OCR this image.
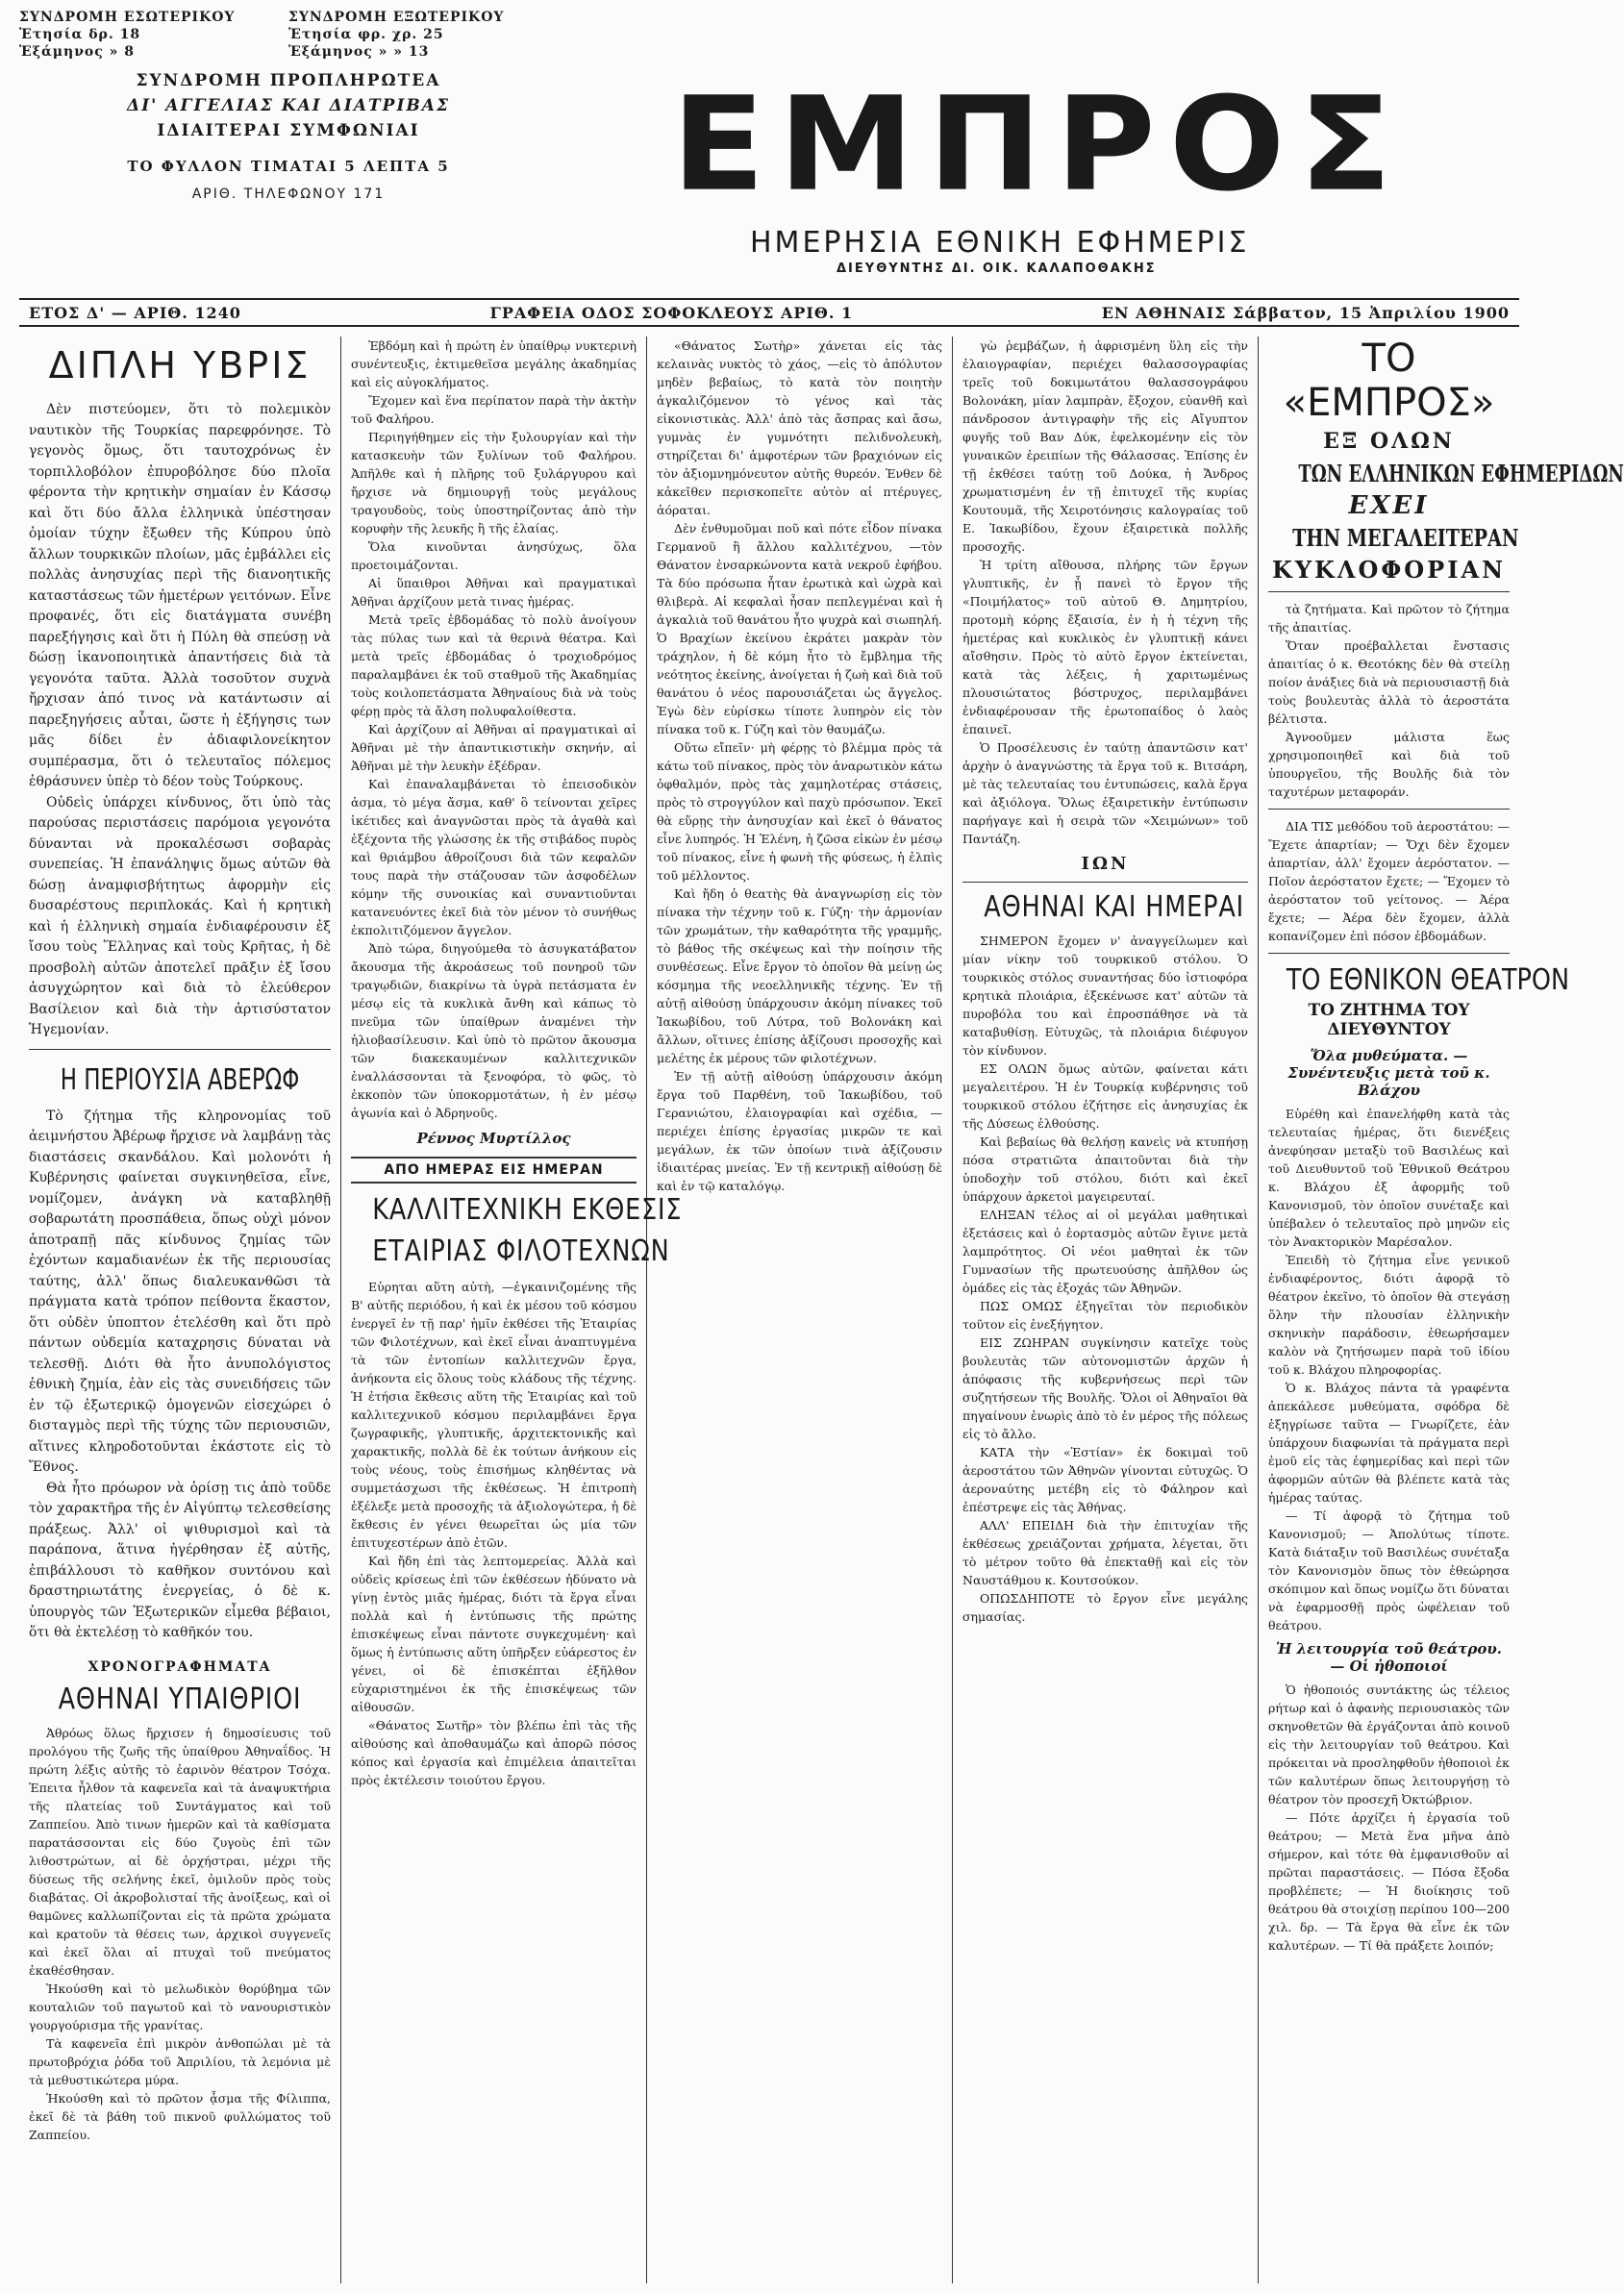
ΣΥΝΔΡΟΜΗ ΕΣΩΤΕΡΙΚΟΥ	ΣΥΝΔΡΟΜΗ ΕΞΩΤΕΡΙΚΟΥ
Ἐτησία δρ. 18	Ἐτησία φρ. χρ. 25
Ἑξάμηνος » 8	Ἑξάμηνος » » 13
ΣΥΝΔΡΟΜΗ ΠΡΟΠΛΗΡΩΤΕΑ
ΔΙ' ΑΓΓΕΛΙΑΣ ΚΑΙ ΔΙΑΤΡΙΒΑΣ
ΙΔΙΑΙΤΕΡΑΙ ΣΥΜΦΩΝΙΑΙ
ΤΟ ΦΥΛΛΟΝ ΤΙΜΑΤΑΙ 5 ΛΕΠΤΑ 5
ΑΡΙΘ. ΤΗΛΕΦΩΝΟΥ 171	ΕΜΠΡΟΣ
ΗΜΕΡΗΣΙΑ ΕΘΝΙΚΗ ΕΦΗΜΕΡΙΣ
ΔΙΕΥΘΥΝΤΗΣ ΔΙ. ΟΙΚ. ΚΑΛΑΠΟΘΑΚΗΣ
ΕΤΟΣ Δ' — ΑΡΙΘ. 1240	ΓΡΑΦΕΙΑ ΟΔΟΣ ΣΟΦΟΚΛΕΟΥΣ ΑΡΙΘ. 1	ΕΝ ΑΘΗΝΑΙΣ Σάββατον, 15 Ἀπριλίου 1900
ΔΙΠΛΗ ΥΒΡΙΣ

Δὲν πιστεύομεν, ὅτι τὸ πολεμικὸν ναυτικὸν τῆς Τουρκίας παρεφρόνησε. Τὸ γεγονὸς ὅμως, ὅτι ταυτοχρόνως ἐν τορπιλλοβόλον ἐπυροβόλησε δύο πλοῖα φέροντα τὴν κρητικὴν σημαίαν ἐν Κάσσῳ καὶ ὅτι δύο ἄλλα ἑλληνικὰ ὑπέστησαν ὁμοίαν τύχην ἔξωθεν τῆς Κύπρου ὑπὸ ἄλλων τουρκικῶν πλοίων, μᾶς ἐμβάλλει εἰς πολλὰς ἀνησυχίας περὶ τῆς διανοητικῆς καταστάσεως τῶν ἡμετέρων γειτόνων. Εἶνε προφανές, ὅτι εἰς διατάγματα συνέβη παρεξήγησις καὶ ὅτι ἡ Πύλη θὰ σπεύσῃ νὰ δώσῃ ἱκανοποιητικὰ ἀπαντήσεις διὰ τὰ γεγονότα ταῦτα. Ἀλλὰ τοσοῦτον συχνὰ ἤρχισαν ἀπό τινος νὰ κατάντωσιν αἱ παρεξηγήσεις αὗται, ὥστε ἡ ἐξήγησις των μᾶς δίδει ἐν ἀδιαφιλονείκητον συμπέρασμα, ὅτι ὁ τελευταῖος πόλεμος ἐθράσυνεν ὑπὲρ τὸ δέον τοὺς Τούρκους.

Οὐδεὶς ὑπάρχει κίνδυνος, ὅτι ὑπὸ τὰς παρούσας περιστάσεις παρόμοια γεγονότα δύνανται νὰ προκαλέσωσι σοβαρὰς συνεπείας. Ἡ ἐπανάληψις ὅμως αὐτῶν θὰ δώσῃ ἀναμφισβήτητως ἀφορμὴν εἰς δυσαρέστους περιπλοκάς. Καὶ ἡ κρητικὴ καὶ ἡ ἑλληνικὴ σημαία ἐνδιαφέρουσιν ἐξ ἴσου τοὺς Ἕλληνας καὶ τοὺς Κρῆτας, ἡ δὲ προσβολὴ αὐτῶν ἀποτελεῖ πρᾶξιν ἐξ ἴσου ἀσυγχώρητον καὶ διὰ τὸ ἐλεύθερον Βασίλειον καὶ διὰ τὴν ἀρτισύστατον Ἡγεμονίαν.

Η ΠΕΡΙΟΥΣΙΑ ΑΒΕΡΩΦ

Τὸ ζήτημα τῆς κληρονομίας τοῦ ἀειμνήστου Ἀβέρωφ ἤρχισε νὰ λαμβάνῃ τὰς διαστάσεις σκανδάλου. Καὶ μολονότι ἡ Κυβέρνησις φαίνεται συγκινηθεῖσα, εἶνε, νομίζομεν, ἀνάγκη νὰ καταβληθῇ σοβαρωτάτη προσπάθεια, ὅπως οὐχὶ μόνον ἀποτραπῇ πᾶς κίνδυνος ζημίας τῶν ἐχόντων καμαδιανέων ἐκ τῆς περιουσίας ταύτης, ἀλλ' ὅπως διαλευκανθῶσι τὰ πράγματα κατὰ τρόπον πείθοντα ἕκαστον, ὅτι οὐδὲν ὑποπτον ἐτελέσθη καὶ ὅτι πρὸ πάντων οὐδεμία καταχρησις δύναται νὰ τελεσθῇ. Διότι θὰ ἦτο ἀνυπολόγιστος ἐθνικὴ ζημία, ἐὰν εἰς τὰς συνειδήσεις τῶν ἐν τῷ ἐξωτερικῷ ὁμογενῶν εἰσεχώρει ὁ δισταγμὸς περὶ τῆς τύχης τῶν περιουσιῶν, αἵτινες κληροδοτοῦνται ἑκάστοτε εἰς τὸ Ἔθνος.

Θὰ ἦτο πρόωρον νὰ ὁρίσῃ τις ἀπὸ τοῦδε τὸν χαρακτῆρα τῆς ἐν Αἰγύπτῳ τελεσθείσης πράξεως. Ἀλλ' οἱ ψιθυρισμοὶ καὶ τὰ παράπονα, ἅτινα ἠγέρθησαν ἐξ αὐτῆς, ἐπιβάλλουσι τὸ καθῆκον συντόνου καὶ δραστηριωτάτης ἐνεργείας, ὁ δὲ κ. ὑπουργὸς τῶν Ἐξωτερικῶν εἶμεθα βέβαιοι, ὅτι θὰ ἐκτελέσῃ τὸ καθῆκόν του.

ΧΡΟΝΟΓΡΑΦΗΜΑΤΑ
ΑΘΗΝΑΙ ΥΠΑΙΘΡΙΟΙ

Ἀθρόως ὅλως ἤρχισεν ἡ δημοσίευσις τοῦ προλόγου τῆς ζωῆς τῆς ὑπαίθρου Ἀθηναΐδος. Ἡ πρώτη λέξις αὐτῆς τὸ ἐαρινὸν θέατρον Τσόχα. Ἐπειτα ἦλθον τὰ καφενεῖα καὶ τὰ ἀναψυκτήρια τῆς πλατείας τοῦ Συντάγματος καὶ τοῦ Ζαππείου. Ἀπὸ τινων ἡμερῶν καὶ τὰ καθίσματα παρατάσσονται εἰς δύο ζυγοὺς ἐπὶ τῶν λιθοστρώτων, αἱ δὲ ὀρχήστραι, μέχρι τῆς δύσεως τῆς σελήνης ἐκεῖ, ὁμιλοῦν πρὸς τοὺς διαβάτας. Οἱ ἀκροβολισταί τῆς ἀνοίξεως, καὶ οἱ θαμῶνες καλλωπίζονται εἰς τὰ πρῶτα χρώματα καὶ κρατοῦν τὰ θέσεις των, ἀρχικοὶ συγγενεῖς καὶ ἐκεῖ ὅλαι αἱ πτυχαὶ τοῦ πνεύματος ἐκαθέσθησαν.

Ἠκούσθη καὶ τὸ μελωδικὸν θορύβημα τῶν κουταλιῶν τοῦ παγωτοῦ καὶ τὸ νανουριστικὸν γουργούρισμα τῆς γρανίτας.

Τὰ καφενεῖα ἐπὶ μικρὸν ἀνθοπώλαι μὲ τὰ πρωτοβρόχια ῥόδα τοῦ Ἀπριλίου, τὰ λεμόνια μὲ τὰ μεθυστικώτερα μύρα.

Ἠκούσθη καὶ τὸ πρῶτον ᾆσμα τῆς Φίλιππα, ἐκεῖ δὲ τὰ βάθη τοῦ πικνοῦ φυλλώματος τοῦ Ζαππείου.

Ἐβδόμη καὶ ἡ πρώτη ἐν ὑπαίθρῳ νυκτερινὴ συνέντευξις, ἐκτιμεθεῖσα μεγάλης ἀκαδημίας καὶ εἰς αὐγοκλήματος.

Ἔχομεν καὶ ἕνα περίπατον παρὰ τὴν ἀκτὴν τοῦ Φαλήρου.

Περιηγήθημεν εἰς τὴν ξυλουργίαν καὶ τὴν κατασκευὴν τῶν ξυλίνων τοῦ Φαλήρου. Ἀπῆλθε καὶ ἡ πλῆρης τοῦ ξυλάργυρου καὶ ἤρχισε νὰ δημιουργῇ τοὺς μεγάλους τραγουδοὺς, τοὺς ὑποστηρίζοντας ἀπὸ τὴν κορυφὴν τῆς λευκῆς ἢ τῆς ἐλαίας.

Ὅλα κινοῦνται ἀνησύχως, ὅλα προετοιμάζονται.

Αἱ ὕπαιθροι Ἀθῆναι καὶ πραγματικαὶ Ἀθῆναι ἀρχίζουν μετὰ τινας ἡμέρας.

Μετὰ τρεῖς ἑβδομάδας τὸ πολὺ ἀνοίγουν τὰς πύλας των καὶ τὰ θερινὰ θέατρα. Καὶ μετὰ τρεῖς ἑβδομάδας ὁ τροχιοδρόμος παραλαμβάνει ἐκ τοῦ σταθμοῦ τῆς Ἀκαδημίας τοὺς κοιλοπετάσματα Ἀθηναίους διὰ νὰ τοὺς φέρῃ πρὸς τὰ ἄλση πολυφαλοίθεστα.

Καὶ ἀρχίζουν αἱ Ἀθῆναι αἱ πραγματικαὶ αἱ Ἀθῆναι μὲ τὴν ἀπαντικιστικὴν σκηνήν, αἱ Ἀθῆναι μὲ τὴν λευκὴν ἐξέδραν.

Καὶ ἐπαναλαμβάνεται τὸ ἐπεισοδικὸν ἀσμα, τὸ μέγα ἄσμα, καθ' ὃ τείνονται χεῖρες ἱκέτιδες καὶ ἀναγνῶσται πρὸς τὰ ἀγαθὰ καὶ ἐξέχοντα τῆς γλώσσης ἐκ τῆς στιβάδος πυρὸς καὶ θριάμβου ἀθροίζουσι διὰ τῶν κεφαλῶν τους παρὰ τὴν στάζουσαν τῶν ἀσφοδέλων κόμην τῆς συνοικίας καὶ συναντιοῦνται κατανευόντες ἐκεῖ διὰ τὸν μένον τὸ συνήθως ἐκπολιτιζόμενον ἄγγελον.

Ἀπὸ τώρα, διηγούμεθα τὸ ἀσυγκατάβατον ἄκουσμα τῆς ἀκροάσεως τοῦ πονηροῦ τῶν τραγῳδιῶν, διακρίνω τὰ ὑγρὰ πετάσματα ἐν μέσῳ εἰς τὰ κυκλικὰ ἄνθη καὶ κάπως τὸ πνεῦμα τῶν ὑπαίθρων ἀναμένει τὴν ἡλιοβασίλευσιν. Καὶ ὑπὸ τὸ πρῶτον ἄκουσμα τῶν διακεκαυμένων καλλιτεχνικῶν ἐναλλάσσονται τὰ ξενοφόρα, τὸ φῶς, τὸ ἐκκοπὸν τῶν ὑποκορμοτάτων, ἡ ἐν μέσῳ ἀγωνία καὶ ὁ Ἀδρηνοῦς.

Ρέννος Μυρτίλλος
ΑΠΟ ΗΜΕΡΑΣ ΕΙΣ ΗΜΕΡΑΝ
ΚΑΛΛΙΤΕΧΝΙΚΗ ΕΚΘΕΣΙΣ
ΕΤΑΙΡΙΑΣ ΦΙΛΟΤΕΧΝΩΝ

Εὑρηται αὕτη αὐτὴ, —ἐγκαινιζομένης τῆς Β' αὐτῆς περιόδου, ἡ καὶ ἐκ μέσου τοῦ κόσμου ἐνεργεῖ ἐν τῇ παρ' ἡμῖν ἐκθέσει τῆς Ἑταιρίας τῶν Φιλοτέχνων, καὶ ἐκεῖ εἶναι ἀναπτυγμένα τὰ τῶν ἐντοπίων καλλιτεχνῶν ἔργα, ἀνήκοντα εἰς ὅλους τοὺς κλάδους τῆς τέχνης. Ἡ ἐτήσια ἔκθεσις αὕτη τῆς Ἑταιρίας καὶ τοῦ καλλιτεχνικοῦ κόσμου περιλαμβάνει ἔργα ζωγραφικῆς, γλυπτικῆς, ἀρχιτεκτονικῆς καὶ χαρακτικῆς, πολλὰ δὲ ἐκ τούτων ἀνήκουν εἰς τοὺς νέους, τοὺς ἐπισήμως κληθέντας νὰ συμμετάσχωσι τῆς ἐκθέσεως. Ἡ ἐπιτροπὴ ἐξέλεξε μετὰ προσοχῆς τὰ ἀξιολογώτερα, ἡ δὲ ἔκθεσις ἐν γένει θεωρεῖται ὡς μία τῶν ἐπιτυχεστέρων ἀπὸ ἐτῶν.

Καὶ ἤδη ἐπὶ τὰς λεπτομερείας. Ἀλλὰ καὶ οὐδεὶς κρίσεως ἐπὶ τῶν ἐκθέσεων ἠδύνατο νὰ γίνῃ ἐντὸς μιᾶς ἡμέρας, διότι τὰ ἔργα εἶναι πολλὰ καὶ ἡ ἐντύπωσις τῆς πρώτης ἐπισκέψεως εἶναι πάντοτε συγκεχυμένη· καὶ ὅμως ἡ ἐντύπωσις αὕτη ὑπῆρξεν εὐάρεστος ἐν γένει, οἱ δὲ ἐπισκέπται ἐξῆλθον εὐχαριστημένοι ἐκ τῆς ἐπισκέψεως τῶν αἰθουσῶν.

«Θάνατος Σωτῆρ» τὸν βλέπω ἐπὶ τὰς τῆς αἰθούσης καὶ ἀποθαυμάζω καὶ ἀπορῶ πόσος κόπος καὶ ἐργασία καὶ ἐπιμέλεια ἀπαιτεῖται πρὸς ἐκτέλεσιν τοιούτου ἔργου.

«Θάνατος Σωτὴρ» χάνεται εἰς τὰς κελαινὰς νυκτὸς τὸ χάος, —εἰς τὸ ἀπόλυτον μηδὲν βεβαίως, τὸ κατὰ τὸν ποιητὴν ἀγκαλιζόμενον τὸ γένος καὶ τὰς εἰκονιστικὰς. Ἀλλ' ἀπὸ τὰς ἄσπρας καὶ ἄσω, γυμνὰς ἐν γυμνότητι πελιδνολευκὴ, στηρίζεται δι' ἀμφοτέρων τῶν βραχιόνων εἰς τὸν ἀξιομνημόνευτον αὐτῆς θυρεόν. Ἐνθεν δὲ κἀκεῖθεν περισκοπεῖτε αὐτὸν αἱ πτέρυγες, ἀόραται.

Δὲν ἐνθυμοῦμαι ποῦ καὶ πότε εἶδον πίνακα Γερμανοῦ ἢ ἄλλου καλλιτέχνου, —τὸν Θάνατον ἐνσαρκώνοντα κατὰ νεκροῦ ἐφήβου. Τὰ δύο πρόσωπα ἦταν ἐρωτικὰ καὶ ὠχρὰ καὶ θλιβερὰ. Αἱ κεφαλαὶ ἦσαν πεπλεγμέναι καὶ ἡ ἀγκαλιὰ τοῦ θανάτου ἦτο ψυχρὰ καὶ σιωπηλή. Ὁ Βραχίων ἐκείνου ἐκράτει μακρὰν τὸν τράχηλον, ἡ δὲ κόμη ἦτο τὸ ἔμβλημα τῆς νεότητος ἐκείνης, ἀνοίγεται ἡ ζωὴ καὶ διὰ τοῦ θανάτου ὁ νέος παρουσιάζεται ὡς ἄγγελος. Ἐγὼ δὲν εὑρίσκω τίποτε λυπηρὸν εἰς τὸν πίνακα τοῦ κ. Γύζη καὶ τὸν θαυμάζω.

Οὕτω εἴπεῖν· μὴ φέρῃς τὸ βλέμμα πρὸς τὰ κάτω τοῦ πίνακος, πρὸς τὸν ἀναρωτικὸν κάτω ὀφθαλμόν, πρὸς τὰς χαμηλοτέρας στάσεις, πρὸς τὸ στρογγύλον καὶ παχὺ πρόσωπον. Ἐκεῖ θὰ εὕρῃς τὴν ἀνησυχίαν καὶ ἐκεῖ ὁ θάνατος εἶνε λυπηρός. Ἡ Ἐλένη, ἡ ζῶσα εἰκὼν ἐν μέσῳ τοῦ πίνακος, εἶνε ἡ φωνὴ τῆς φύσεως, ἡ ἐλπὶς τοῦ μέλλοντος.

Καὶ ἤδη ὁ θεατὴς θὰ ἀναγνωρίσῃ εἰς τὸν πίνακα τὴν τέχνην τοῦ κ. Γύζη· τὴν ἁρμονίαν τῶν χρωμάτων, τὴν καθαρότητα τῆς γραμμῆς, τὸ βάθος τῆς σκέψεως καὶ τὴν ποίησιν τῆς συνθέσεως. Εἶνε ἔργον τὸ ὁποῖον θὰ μείνῃ ὡς κόσμημα τῆς νεοελληνικῆς τέχνης. Ἐν τῇ αὐτῇ αἰθούσῃ ὑπάρχουσιν ἀκόμη πίνακες τοῦ Ἰακωβίδου, τοῦ Λύτρα, τοῦ Βολονάκη καὶ ἄλλων, οἵτινες ἐπίσης ἀξίζουσι προσοχῆς καὶ μελέτης ἐκ μέρους τῶν φιλοτέχνων.

Ἐν τῇ αὐτῇ αἰθούσῃ ὑπάρχουσιν ἀκόμη ἔργα τοῦ Παρθένη, τοῦ Ἰακωβίδου, τοῦ Γερανιώτου, ἐλαιογραφίαι καὶ σχέδια, —περιέχει ἐπίσης ἐργασίας μικρῶν τε καὶ μεγάλων, ἐκ τῶν ὁποίων τινὰ ἀξίζουσιν ἰδιαιτέρας μνείας. Ἐν τῇ κεντρικῇ αἰθούσῃ δὲ καὶ ἐν τῷ καταλόγῳ.

γὼ ῥεμβάζων, ἡ ἀφρισμένη ὕλη εἰς τὴν ἐλαιογραφίαν, περιέχει θαλασσογραφίας τρεῖς τοῦ δοκιμωτάτου θαλασσογράφου Βολονάκη, μίαν λαμπρὰν, ἔξοχον, εὐανθῆ καὶ πάνδροσον ἀντιγραφὴν τῆς εἰς Αἴγυπτον φυγῆς τοῦ Βαν Δύκ, ἐφελκομένην εἰς τὸν γυναικῶν ἐρειπίων τῆς Θάλασσας. Ἐπίσης ἐν τῇ ἐκθέσει ταύτῃ τοῦ Δούκα, ἡ Ἄνδρος χρωματισμένη ἐν τῇ ἐπιτυχεῖ τῆς κυρίας Κουτουμᾶ, τῆς Χειροτόνησις καλογραίας τοῦ Ε. Ἰακωβίδου, ἔχουν ἐξαιρετικὰ πολλῆς προσοχῆς.

Ἡ τρίτη αἴθουσα, πλήρης τῶν ἔργων γλυπτικῆς, ἐν ᾗ πανεὶ τὸ ἔργον τῆς «Ποιμήλατος» τοῦ αὐτοῦ Θ. Δημητρίου, προτομὴ κόρης ἔξαισία, ἐν ἡ ἡ τέχνη τῆς ἡμετέρας καὶ κυκλικὸς ἐν γλυπτικῇ κάνει αἴσθησιν. Πρὸς τὸ αὐτὸ ἔργον ἐκτείνεται, κατὰ τὰς λέξεις, ἡ χαριτωμένως πλουσιώτατος βόστρυχος, περιλαμβάνει ἐνδιαφέρουσαν τῆς ἐρωτοπαίδος ὁ λαὸς ἐπαινεῖ.

Ὁ Προσέλευσις ἐν ταύτῃ ἀπαντῶσιν κατ' ἀρχὴν ὁ ἀναγνώστης τὰ ἔργα τοῦ κ. Βιτσάρη, μὲ τὰς τελευταίας του ἐντυπώσεις, καλὰ ἔργα καὶ ἀξιόλογα. Ὅλως ἐξαιρετικὴν ἐντύπωσιν παρήγαγε καὶ ἡ σειρὰ τῶν «Χειμώνων» τοῦ Παντάζη.

ΙΩΝ
ΑΘΗΝΑΙ ΚΑΙ ΗΜΕΡΑΙ

ΣΗΜΕΡΟΝ ἔχομεν ν' ἀναγγείλωμεν καὶ μίαν νίκην τοῦ τουρκικοῦ στόλου. Ὁ τουρκικὸς στόλος συναντήσας δύο ἰστιοφόρα κρητικὰ πλοιάρια, ἐξεκένωσε κατ' αὐτῶν τὰ πυροβόλα του καὶ ἐπροσπάθησε νὰ τὰ καταβυθίσῃ. Εὐτυχῶς, τὰ πλοιάρια διέφυγον τὸν κίνδυνον.

ΕΣ ΟΛΩΝ ὅμως αὐτῶν, φαίνεται κάτι μεγαλειτέρου. Ἡ ἐν Τουρκίᾳ κυβέρνησις τοῦ τουρκικοῦ στόλου ἐζήτησε εἰς ἀνησυχίας ἐκ τῆς Δύσεως ἐλθούσης.

Καὶ βεβαίως θὰ θελήσῃ κανεὶς νὰ κτυπήσῃ πόσα στρατιῶτα ἀπαιτοῦνται διὰ τὴν ὑποδοχὴν τοῦ στόλου, διότι καὶ ἐκεῖ ὑπάρχουν ἀρκετοὶ μαγειρευταί.

ΕΛΗΞΑΝ τέλος αἱ οἱ μεγάλαι μαθητικαὶ ἐξετάσεις καὶ ὁ ἐορτασμὸς αὐτῶν ἔγινε μετὰ λαμπρότητος. Οἱ νέοι μαθηταὶ ἐκ τῶν Γυμνασίων τῆς πρωτευούσης ἀπῆλθον ὡς ὁμάδες εἰς τὰς ἐξοχάς τῶν Ἀθηνῶν.

ΠΩΣ ΟΜΩΣ ἐξηγεῖται τὸν περιοδικὸν τοῦτον εἰς ἐνεξήγητον.

ΕΙΣ ΖΩΗΡΑΝ συγκίνησιν κατεῖχε τοὺς βουλευτὰς τῶν αὐτονομιστῶν ἀρχῶν ἡ ἀπόφασις τῆς κυβερνήσεως περὶ τῶν συζητήσεων τῆς Βουλῆς. Ὅλοι οἱ Ἀθηναῖοι θὰ πηγαίνουν ἐνωρὶς ἀπὸ τὸ ἐν μέρος τῆς πόλεως εἰς τὸ ἄλλο.

ΚΑΤΑ τὴν «Ἑστίαν» ἐκ δοκιμαὶ τοῦ ἀεροστάτου τῶν Ἀθηνῶν γίνονται εὐτυχῶς. Ὁ ἀεροναύτης μετέβη εἰς τὸ Φάληρον καὶ ἐπέστρεψε εἰς τὰς Ἀθήνας.

ΑΛΛ' ΕΠΕΙΔΗ διὰ τὴν ἐπιτυχίαν τῆς ἐκθέσεως χρειάζονται χρήματα, λέγεται, ὅτι τὸ μέτρον τοῦτο θὰ ἐπεκταθῇ καὶ εἰς τὸν Ναυστάθμου κ. Κουτσούκον.

ΟΠΩΣΔΗΠΟΤΕ τὸ ἔργον εἶνε μεγάλης σημασίας.

ΤΟ «ΕΜΠΡΟΣ»
ΕΞ ΟΛΩΝ
ΤΩΝ ΕΛΛΗΝΙΚΩΝ ΕΦΗΜΕΡΙΔΩΝ
ΕΧΕΙ
ΤΗΝ ΜΕΓΑΛΕΙΤΕΡΑΝ
ΚΥΚΛΟΦΟΡΙΑΝ

τὰ ζητήματα. Καὶ πρῶτον τὸ ζήτημα τῆς ἀπαιτίας.

Ὅταν προέβαλλεται ἔνστασις ἀπαιτίας ὁ κ. Θεοτόκης δὲν θὰ στείλῃ ποίον ἀνάξιες διὰ νὰ περιουσιαστῇ διὰ τοὺς βουλευτὰς ἀλλὰ τὸ ἀεροστάτα βέλτιστα.

Ἀγνοοῦμεν μάλιστα ἕως χρησιμοποιηθεῖ καὶ διὰ τοῦ ὑπουργεῖου, τῆς Βουλῆς διὰ τὸν ταχυτέρων μεταφοράν.

ΔΙΑ ΤΙΣ μεθόδου τοῦ ἀεροστάτου: — Ἔχετε ἀπαρτίαν; — Ὄχι δὲν ἔχομεν ἀπαρτίαν, ἀλλ' ἔχομεν ἀερόστατον. — Ποῖον ἀερόστατον ἔχετε; — Ἔχομεν τὸ ἀερόστατον τοῦ γείτονος. — Ἀέρα ἔχετε; — Ἀέρα δὲν ἔχομεν, ἀλλὰ κοπανίζομεν ἐπὶ πόσον ἐβδομάδων.

ΤΟ ΕΘΝΙΚΟΝ ΘΕΑΤΡΟΝ
ΤΟ ΖΗΤΗΜΑ ΤΟΥ ΔΙΕΥΘΥΝΤΟΥ
Ὅλα μυθεύματα. — Συνέντευξις μετὰ τοῦ κ. Βλάχου

Εὑρέθη καὶ ἐπανελήφθη κατὰ τὰς τελευταίας ἡμέρας, ὅτι διενέξεις ἀνεφύησαν μεταξὺ τοῦ Βασιλέως καὶ τοῦ Διευθυντοῦ τοῦ Ἐθνικοῦ Θεάτρου κ. Βλάχου ἐξ ἀφορμῆς τοῦ Κανονισμοῦ, τὸν ὁποῖον συνέταξε καὶ ὑπέβαλεν ὁ τελευταῖος πρὸ μηνῶν εἰς τὸν Ἀνακτορικὸν Μαρέσαλον.

Ἐπειδὴ τὸ ζήτημα εἶνε γενικοῦ ἐνδιαφέροντος, διότι ἀφορᾷ τὸ θέατρον ἐκεῖνο, τὸ ὁποῖον θὰ στεγάσῃ ὅλην τὴν πλουσίαν ἑλληνικὴν σκηνικὴν παράδοσιν, ἐθεωρήσαμεν καλὸν νὰ ζητήσωμεν παρὰ τοῦ ἰδίου τοῦ κ. Βλάχου πληροφορίας.

Ὁ κ. Βλάχος πάντα τὰ γραφέντα ἀπεκάλεσε μυθεύματα, σφόδρα δὲ ἐξηγρίωσε ταῦτα — Γνωρίζετε, ἐὰν ὑπάρχουν διαφωνίαι τὰ πράγματα περὶ ἐμοῦ εἰς τὰς ἐφημερίδας καὶ περὶ τῶν ἀφορμῶν αὐτῶν θὰ βλέπετε κατὰ τὰς ἡμέρας ταύτας.

— Τί ἀφορᾷ τὸ ζήτημα τοῦ Κανονισμοῦ; — Ἀπολύτως τίποτε. Κατὰ διάταξιν τοῦ Βασιλέως συνέταξα τὸν Κανονισμὸν ὅπως τὸν ἐθεώρησα σκόπιμον καὶ ὅπως νομίζω ὅτι δύναται νὰ ἐφαρμοσθῇ πρὸς ὠφέλειαν τοῦ θεάτρου.

Ἡ λειτουργία τοῦ θεάτρου. — Οἱ ἠθοποιοί

Ὁ ἠθοποιός συντάκτης ὡς τέλειος ρήτωρ καὶ ὁ ἀφανὴς περιουσιακὸς τῶν σκηνοθετῶν θὰ ἐργάζονται ἀπὸ κοινοῦ εἰς τὴν λειτουργίαν τοῦ θεάτρου. Καὶ πρόκειται νὰ προσληφθοῦν ἠθοποιοὶ ἐκ τῶν καλυτέρων ὅπως λειτουργήσῃ τὸ θέατρον τὸν προσεχῆ Ὀκτώβριον.

— Πότε ἀρχίζει ἡ ἐργασία τοῦ θεάτρου; — Μετὰ ἕνα μῆνα ἀπὸ σήμερον, καὶ τότε θὰ ἐμφανισθοῦν αἱ πρῶται παραστάσεις. — Πόσα ἔξοδα προβλέπετε; — Ἡ διοίκησις τοῦ θεάτρου θὰ στοιχίσῃ περίπου 100—200 χιλ. δρ. — Τὰ ἔργα θὰ εἶνε ἐκ τῶν καλυτέρων. — Τί θὰ πράξετε λοιπόν;
